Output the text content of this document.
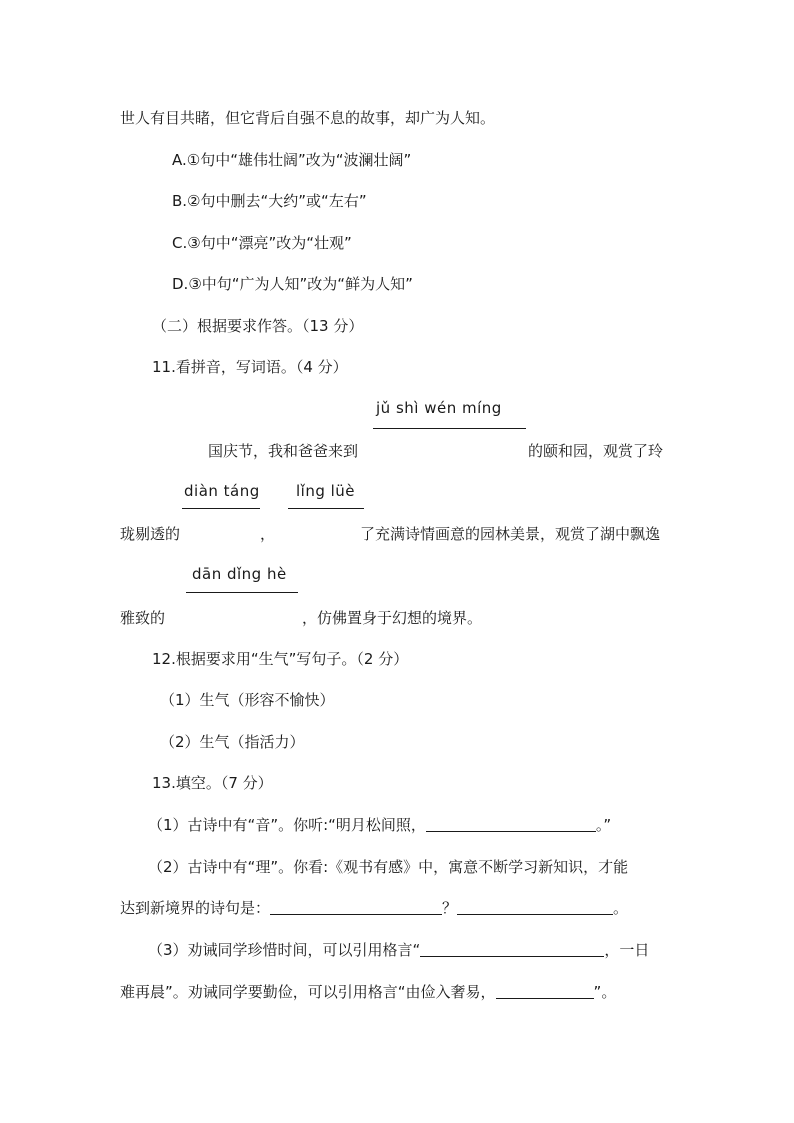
世人有目共睹，但它背后自强不息的故事，却广为人知。
A.①句中“雄伟壮阔”改为“波澜壮阔”
B.②句中删去“大约”或“左右”
C.③句中“漂亮”改为“壮观”
D.③中句“广为人知”改为“鲜为人知”
（二）根据要求作答。（13 分）
11.看拼音，写词语。（4 分）
jǔ shì wén míng
国庆节，我和爸爸来到	的颐和园，观赏了玲
diàn táng lǐng lüè
珑剔透的	，	了充满诗情画意的园林美景，观赏了湖中飘逸
dān dǐng hè
雅致的	，仿佛置身于幻想的境界。
12.根据要求用“生气”写句子。（2 分）
（1）生气（形容不愉快）
（2）生气（指活力）
13.填空。（7 分）
（1）古诗中有“音”。你听:“明月松间照，	。”
（2）古诗中有“理”。你看:《观书有感》中，寓意不断学习新知识，才能
达到新境界的诗句是：	？	。
（3）劝诫同学珍惜时间，可以引用格言“	，一日
难再晨”。劝诫同学要勤俭，可以引用格言“由俭入奢易，	”。
